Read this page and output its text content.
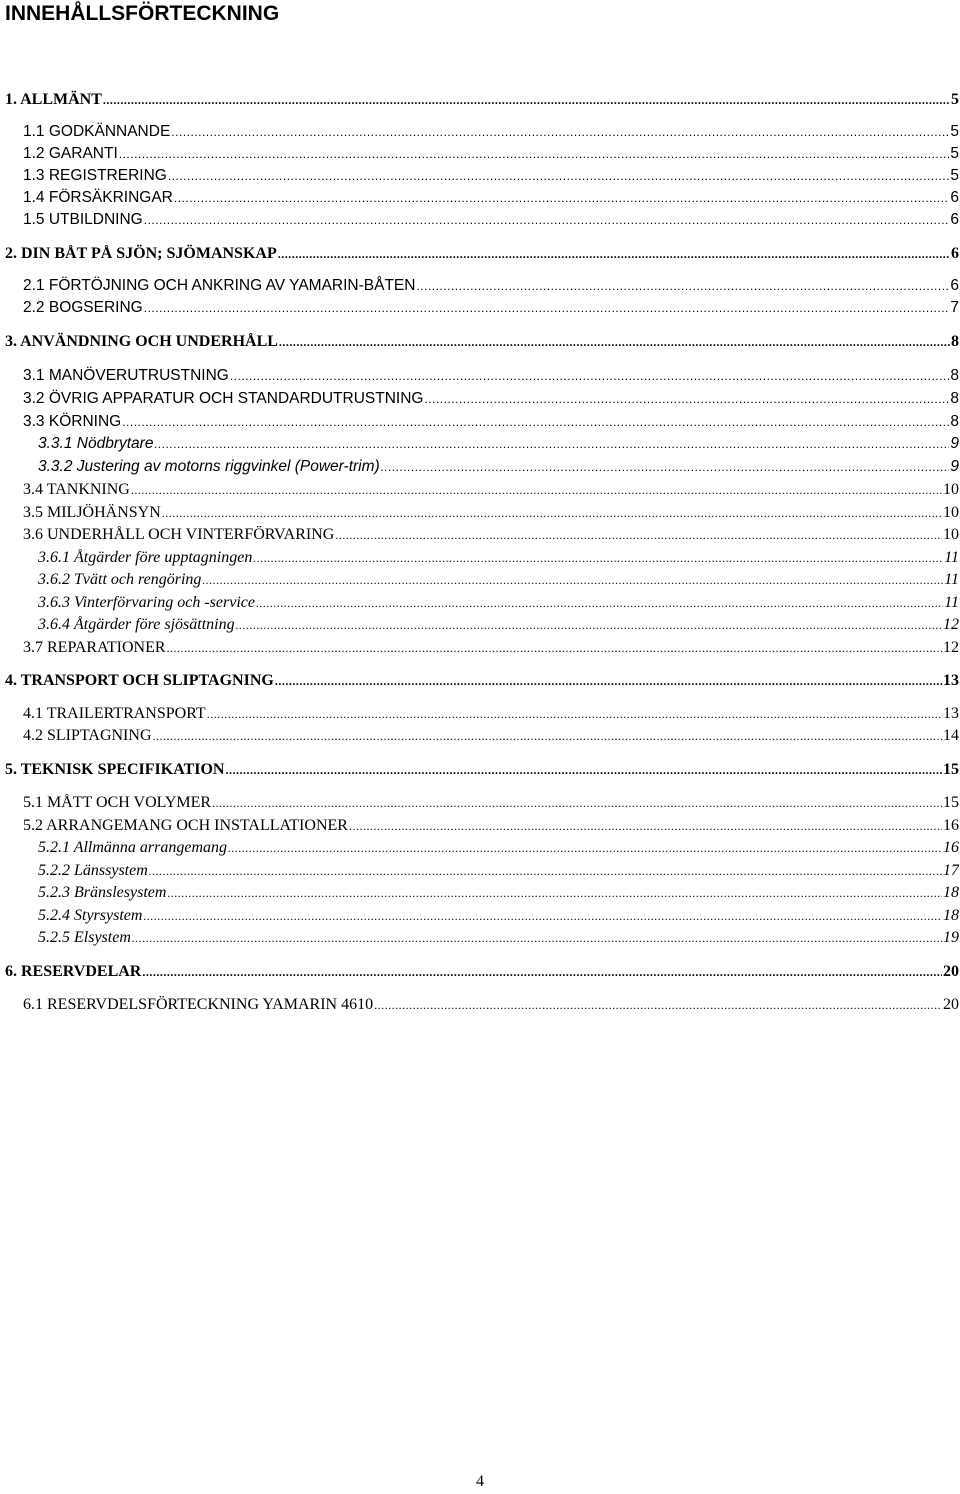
INNEHÅLLSFÖRTECKNING
1. ALLMÄNT .....	5
1.1 GODKÄNNANDE .....	5
1.2 GARANTI .....	5
1.3 REGISTRERING .....	5
1.4 FÖRSÄKRINGAR .....	6
1.5 UTBILDNING .....	6
2. DIN BÅT PÅ SJÖN; SJÖMANSKAP .....	6
2.1 FÖRTÖJNING OCH ANKRING AV YAMARIN-BÅTEN .....	6
2.2 BOGSERING .....	7
3. ANVÄNDNING OCH UNDERHÅLL .....	8
3.1 MANÖVERUTRUSTNING .....	8
3.2 ÖVRIG APPARATUR OCH STANDARDUTRUSTNING .....	8
3.3 KÖRNING .....	8
3.3.1 Nödbrytare .....	9
3.3.2 Justering av motorns riggvinkel (Power-trim) .....	9
3.4 TANKNING .....	10
3.5 MILJÖHÄNSYN .....	10
3.6 UNDERHÅLL OCH VINTERFÖRVARING .....	10
3.6.1 Åtgärder före upptagningen .....	11
3.6.2 Tvätt och rengöring .....	11
3.6.3 Vinterförvaring och -service .....	11
3.6.4 Åtgärder före sjösättning .....	12
3.7 REPARATIONER .....	12
4. TRANSPORT OCH SLIPTAGNING .....	13
4.1 TRAILERTRANSPORT .....	13
4.2 SLIPTAGNING .....	14
5. TEKNISK SPECIFIKATION .....	15
5.1 MÅTT OCH VOLYMER .....	15
5.2 ARRANGEMANG OCH INSTALLATIONER .....	16
5.2.1 Allmänna arrangemang .....	16
5.2.2 Länssystem .....	17
5.2.3 Bränslesystem .....	18
5.2.4 Styrsystem .....	18
5.2.5 Elsystem .....	19
6. RESERVDELAR .....	20
6.1 RESERVDELSFÖRTECKNING YAMARIN 4610 .....	20
4
